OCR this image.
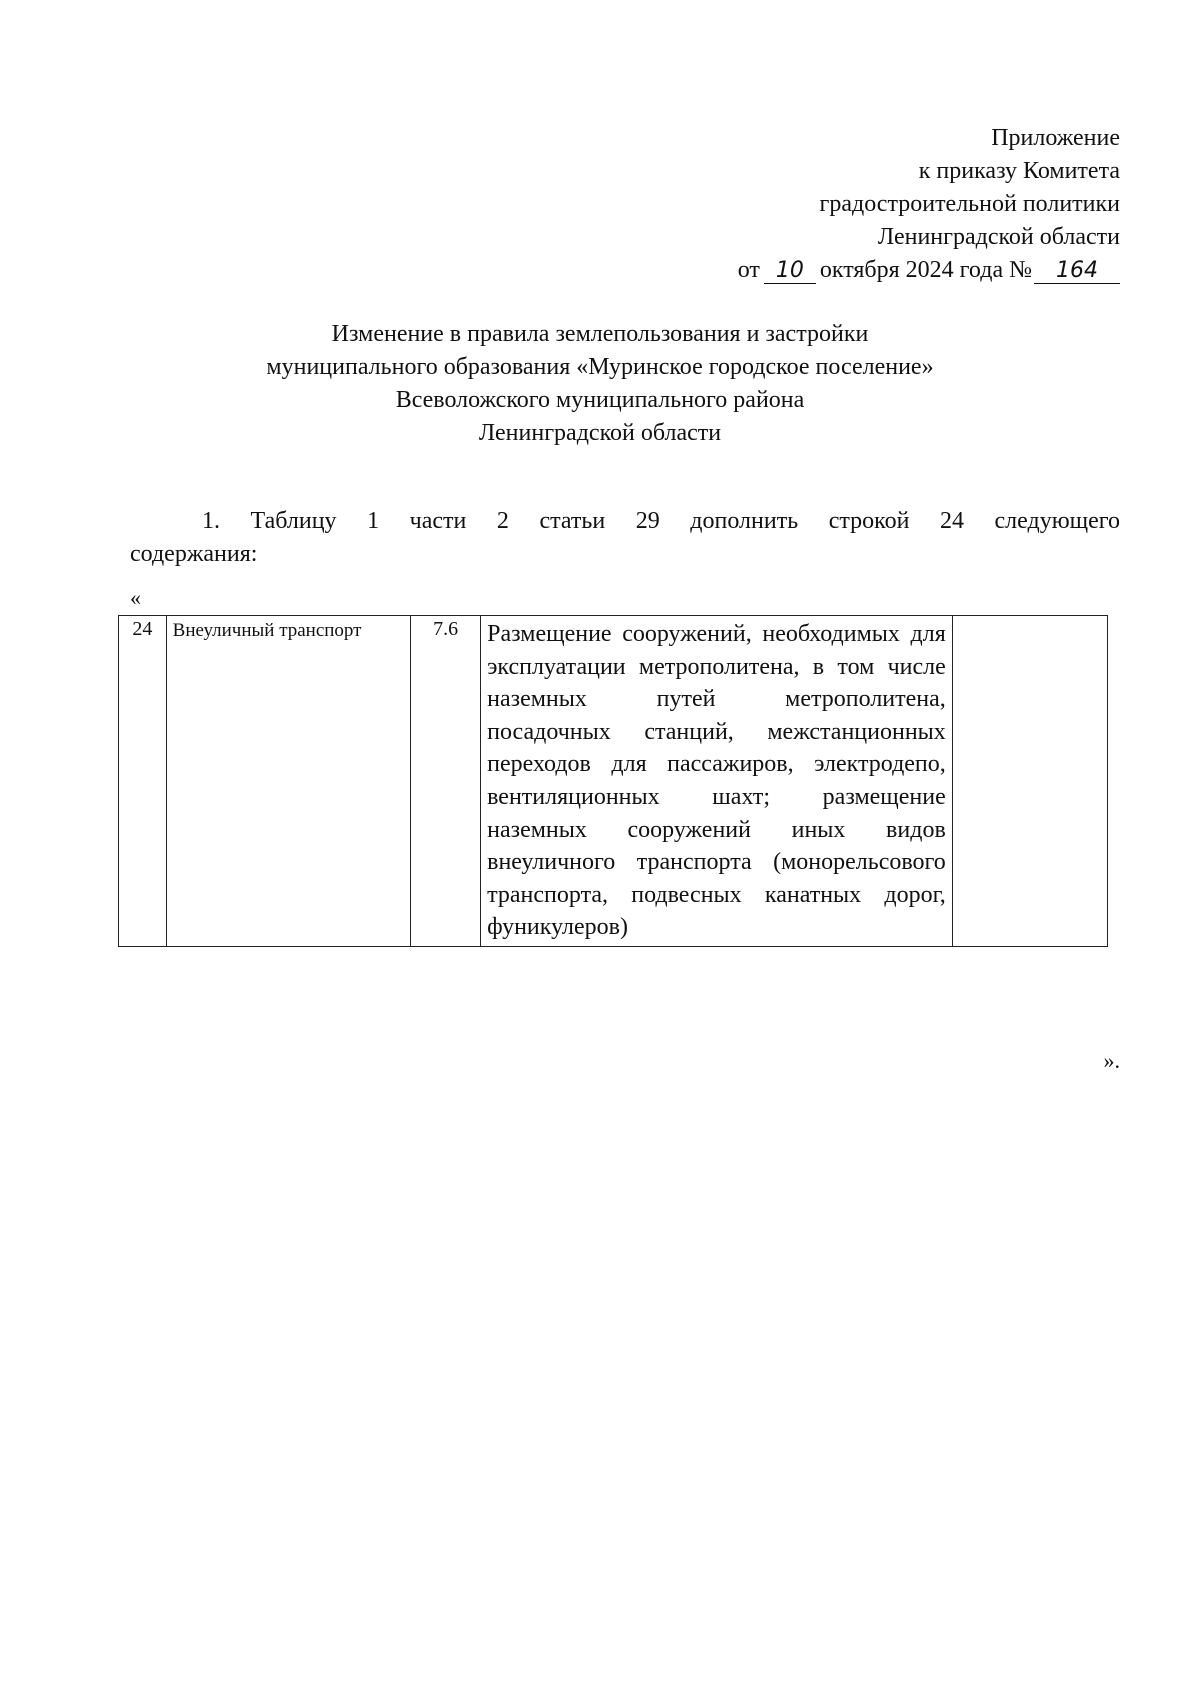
Приложение
к приказу Комитета
градостроительной политики
Ленинградской области
от 10 октября 2024 года № 164
Изменение в правила землепользования и застройки
муниципального образования «Муринское городское поселение»
Всеволожского муниципального района
Ленинградской области
1. Таблицу 1 части 2 статьи 29 дополнить строкой 24 следующего
содержания:
«
24	Внеуличный транспорт	7.6	Размещение сооружений, необходимых для эксплуатации метрополитена, в том числе наземных путей метрополитена, посадочных станций, межстанционных переходов для пассажиров, электродепо, вентиляционных шахт; размещение наземных сооружений иных видов внеуличного транспорта (монорельсового транспорта, подвесных канатных дорог, фуникулеров)	
».
